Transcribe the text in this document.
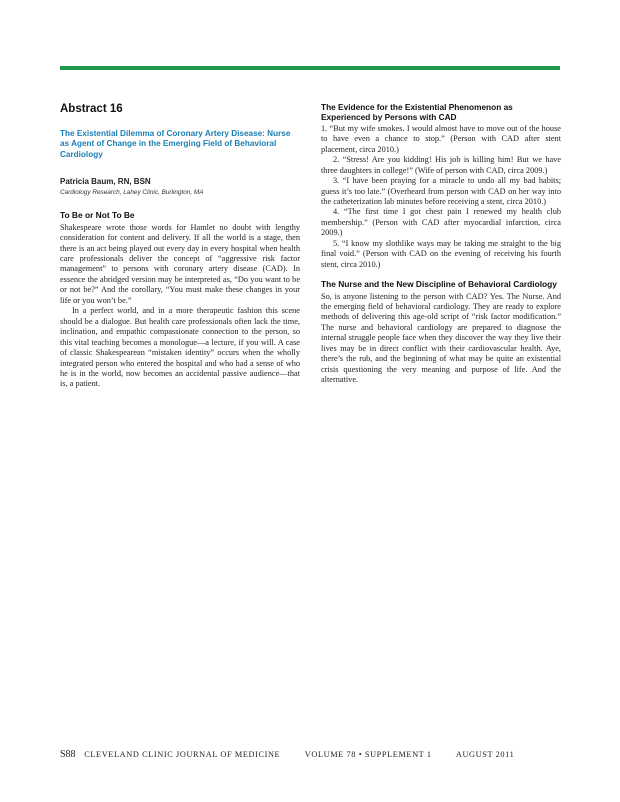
Abstract 16
The Existential Dilemma of Coronary Artery Disease: Nurse as Agent of Change in the Emerging Field of Behavioral Cardiology

Patricia Baum, RN, BSN

Cardiology Research, Lahey Clinic, Burlington, MA

To Be or Not To Be

Shakespeare wrote those words for Hamlet no doubt with lengthy consideration for content and delivery. If all the world is a stage, then there is an act being played out every day in every hospital when health care professionals deliver the concept of “aggressive risk factor management” to persons with coronary artery disease (CAD). In essence the abridged version may be interpreted as, “Do you want to be or not be?” And the corollary, “You must make these changes in your life or you won’t be.”

In a perfect world, and in a more therapeutic fashion this scene should be a dialogue. But health care professionals often lack the time, inclination, and empathic compassionate connection to the person, so this vital teaching becomes a monologue—a lecture, if you will. A case of classic Shakespearean “mistaken identity” occurs when the wholly integrated person who entered the hospital and who had a sense of who he is in the world, now becomes an accidental passive audience—that is, a patient.

The Evidence for the Existential Phenomenon as Experienced by Persons with CAD

1. “But my wife smokes. I would almost have to move out of the house to have even a chance to stop.” (Person with CAD after stent placement, circa 2010.)

2. “Stress! Are you kidding! His job is killing him! But we have three daughters in college!” (Wife of person with CAD, circa 2009.)

3. “I have been praying for a miracle to undo all my bad habits; guess it’s too late.” (Overheard from person with CAD on her way into the catheterization lab minutes before receiving a stent, circa 2010.)

4. “The first time I got chest pain I renewed my health club membership.” (Person with CAD after myocardial infarction, circa 2009.)

5. “I know my slothlike ways may be taking me straight to the big final void.” (Person with CAD on the evening of receiving his fourth stent, circa 2010.)

The Nurse and the New Discipline of Behavioral Cardiology

So, is anyone listening to the person with CAD? Yes. The Nurse. And the emerging field of behavioral cardiology. They are ready to explore methods of delivering this age-old script of “risk factor modification.” The nurse and behavioral cardiology are prepared to diagnose the internal struggle people face when they discover the way they live their lives may be in direct conflict with their cardiovascular health. Aye, there’s the rub, and the beginning of what may be quite an existential crisis questioning the very meaning and purpose of life. And the alternative.

S88 CLEVELAND CLINIC JOURNAL OF MEDICINE	VOLUME 78 • SUPPLEMENT 1	AUGUST 2011
